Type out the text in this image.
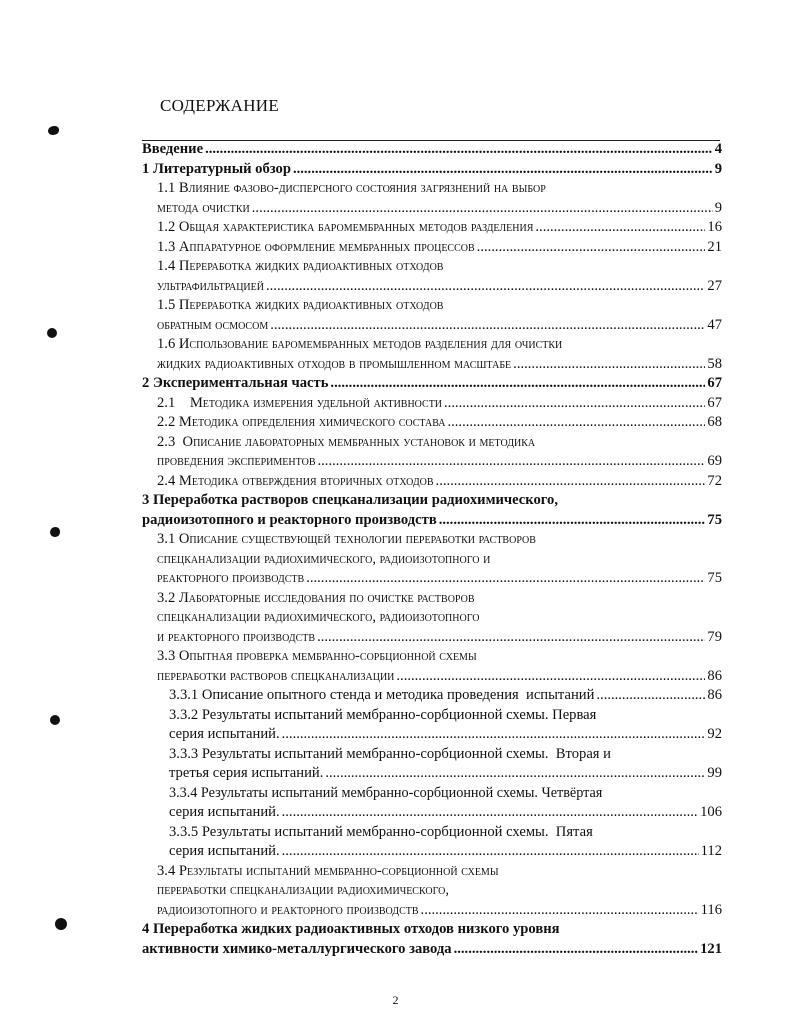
СОДЕРЖАНИЕ
Введение .....	4
1 Литературный обзор .....	9
1.1 Влияние фазово-дисперсного состояния загрязнений на выбор
метода очистки .....	9
1.2 Общая характеристика баромембранных методов разделения .....	16
1.3 Аппаратурное оформление мембранных процессов .....	21
1.4 Переработка жидких радиоактивных отходов
ультрафильтрацией .....	27
1.5 Переработка жидких радиоактивных отходов
обратным осмосом .....	47
1.6 Использование баромембранных методов разделения для очистки
жидких радиоактивных отходов в промышленном масштабе .....	58
2 Экспериментальная часть .....	67
2.1    Методика измерения удельной активности .....	67
2.2 Методика определения химического состава .....	68
2.3  Описание лабораторных мембранных установок и методика
проведения экспериментов .....	69
2.4 Методика отверждения вторичных отходов .....	72
3 Переработка растворов спецканализации радиохимического,
радиоизотопного и реакторного производств .....	75
3.1 Описание существующей технологии переработки растворов
спецканализации радиохимического, радиоизотопного и
реакторного производств .....	75
3.2 Лабораторные исследования по очистке растворов
спецканализации радиохимического, радиоизотопного
и реакторного производств .....	79
3.3 Опытная проверка мембранно-сорбционной схемы
переработки растворов спецканализации .....	86
3.3.1 Описание опытного стенда и методика проведения  испытаний .....	86
3.3.2 Результаты испытаний мембранно-сорбционной схемы. Первая
серия испытаний. .....	92
3.3.3 Результаты испытаний мембранно-сорбционной схемы.  Вторая и
третья серия испытаний. .....	99
3.3.4 Результаты испытаний мембранно-сорбционной схемы. Четвёртая
серия испытаний. .....	106
3.3.5 Результаты испытаний мембранно-сорбционной схемы.  Пятая
серия испытаний. .....	112
3.4 Результаты испытаний мембранно-сорбционной схемы
переработки спецканализации радиохимического,
радиоизотопного и реакторного производств .....	116
4 Переработка жидких радиоактивных отходов низкого уровня
активности химико-металлургического завода .....	121
2
